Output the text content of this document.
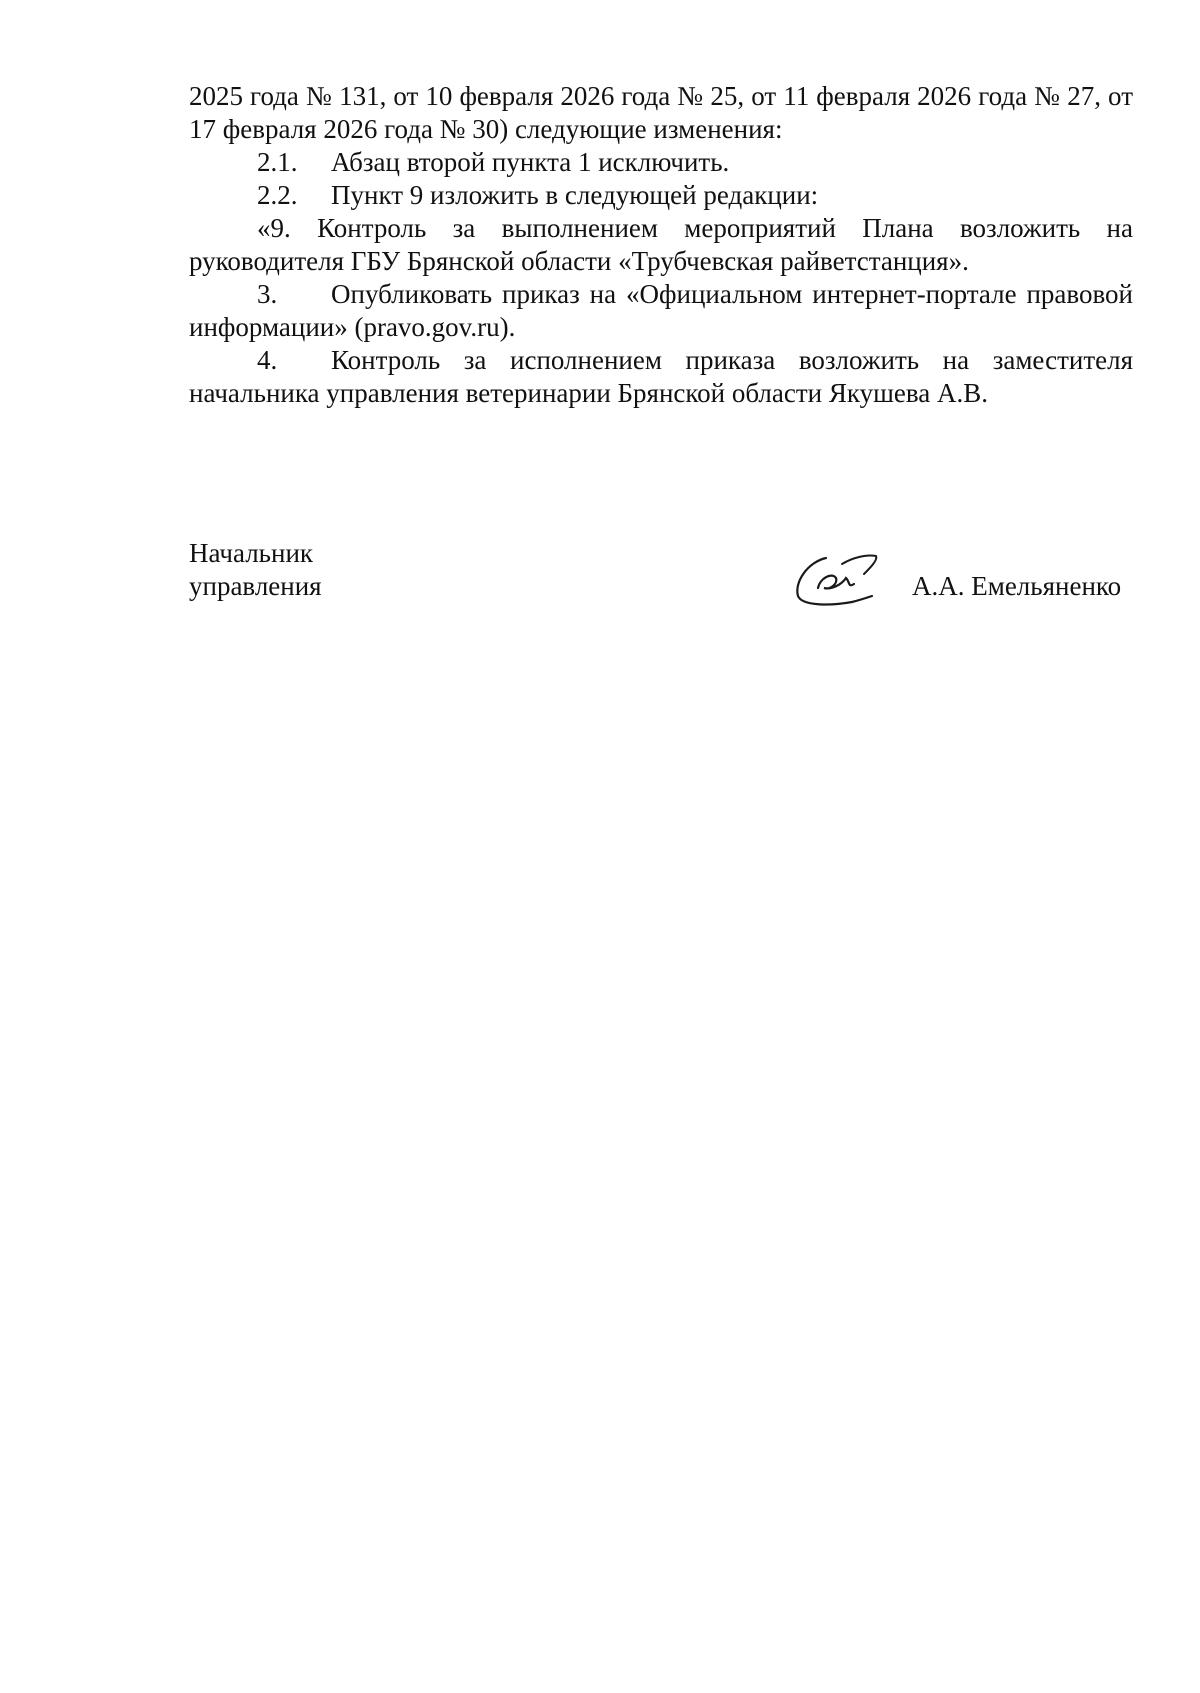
2025 года № 131, от 10 февраля 2026 года № 25, от 11 февраля 2026 года № 27, от 17 февраля 2026 года № 30) следующие изменения:

2.1. Абзац второй пункта 1 исключить.

2.2. Пункт 9 изложить в следующей редакции:

«9. Контроль за выполнением мероприятий Плана возложить на руководителя ГБУ Брянской области «Трубчевская райветстанция».

3. Опубликовать приказ на «Официальном интернет-портале правовой информации» (pravo.gov.ru).

4. Контроль за исполнением приказа возложить на заместителя начальника управления ветеринарии Брянской области Якушева А.В.

Начальник
управления	А.А. Емельяненко
